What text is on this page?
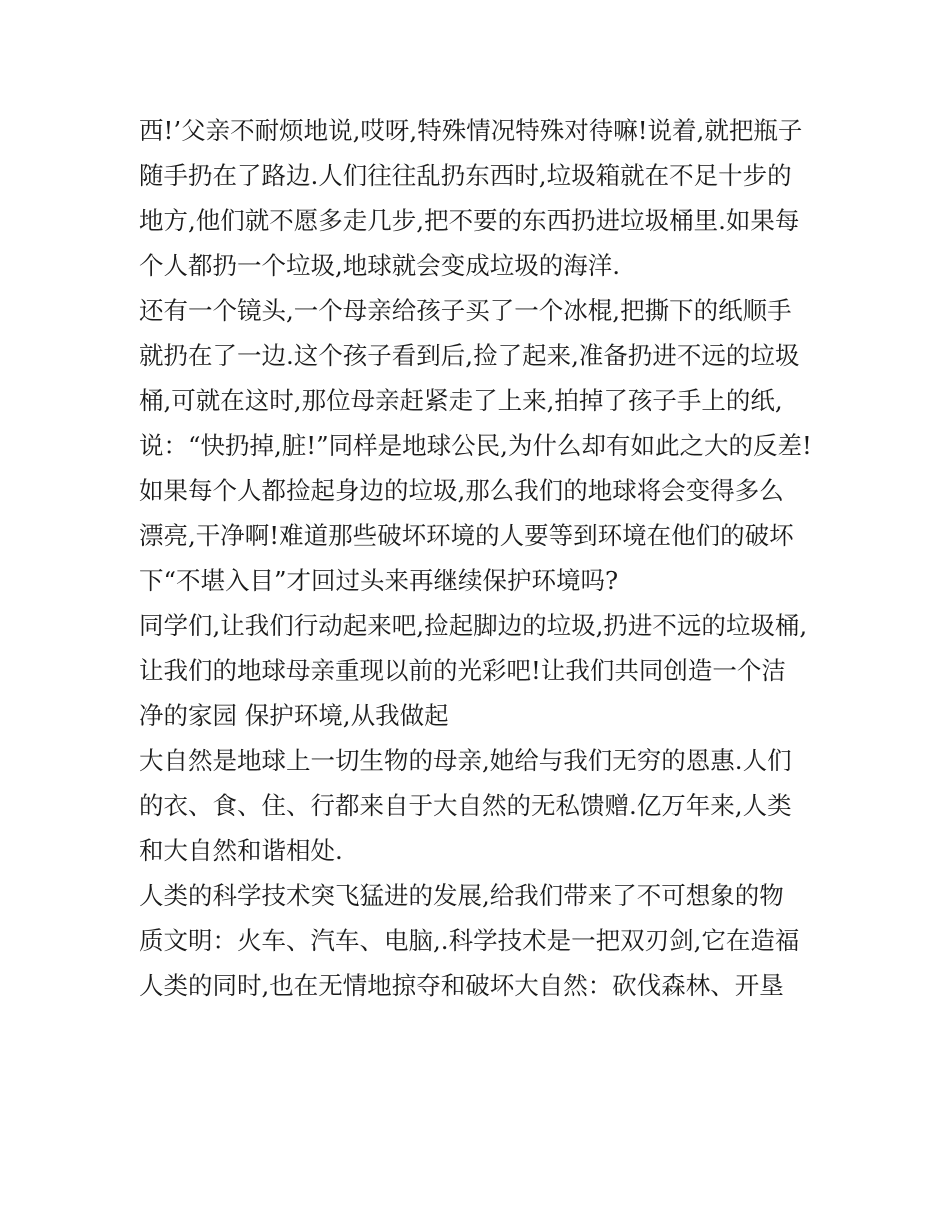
西!’父亲不耐烦地说,哎呀,特殊情况特殊对待嘛!说着,就把瓶子
随手扔在了路边.人们往往乱扔东西时,垃圾箱就在不足十步的
地方,他们就不愿多走几步,把不要的东西扔进垃圾桶里.如果每
个人都扔一个垃圾,地球就会变成垃圾的海洋.
还有一个镜头,一个母亲给孩子买了一个冰棍,把撕下的纸顺手
就扔在了一边.这个孩子看到后,捡了起来,准备扔进不远的垃圾
桶,可就在这时,那位母亲赶紧走了上来,拍掉了孩子手上的纸,
说：“快扔掉,脏!”同样是地球公民,为什么却有如此之大的反差!
如果每个人都捡起身边的垃圾,那么我们的地球将会变得多么
漂亮,干净啊!难道那些破坏环境的人要等到环境在他们的破坏
下“不堪入目”才回过头来再继续保护环境吗?
同学们,让我们行动起来吧,捡起脚边的垃圾,扔进不远的垃圾桶,
让我们的地球母亲重现以前的光彩吧!让我们共同创造一个洁
净的家园 保护环境,从我做起
大自然是地球上一切生物的母亲,她给与我们无穷的恩惠.人们
的衣、食、住、行都来自于大自然的无私馈赠.亿万年来,人类
和大自然和谐相处.
人类的科学技术突飞猛进的发展,给我们带来了不可想象的物
质文明：火车、汽车、电脑,.科学技术是一把双刃剑,它在造福
人类的同时,也在无情地掠夺和破坏大自然：砍伐森林、开垦
